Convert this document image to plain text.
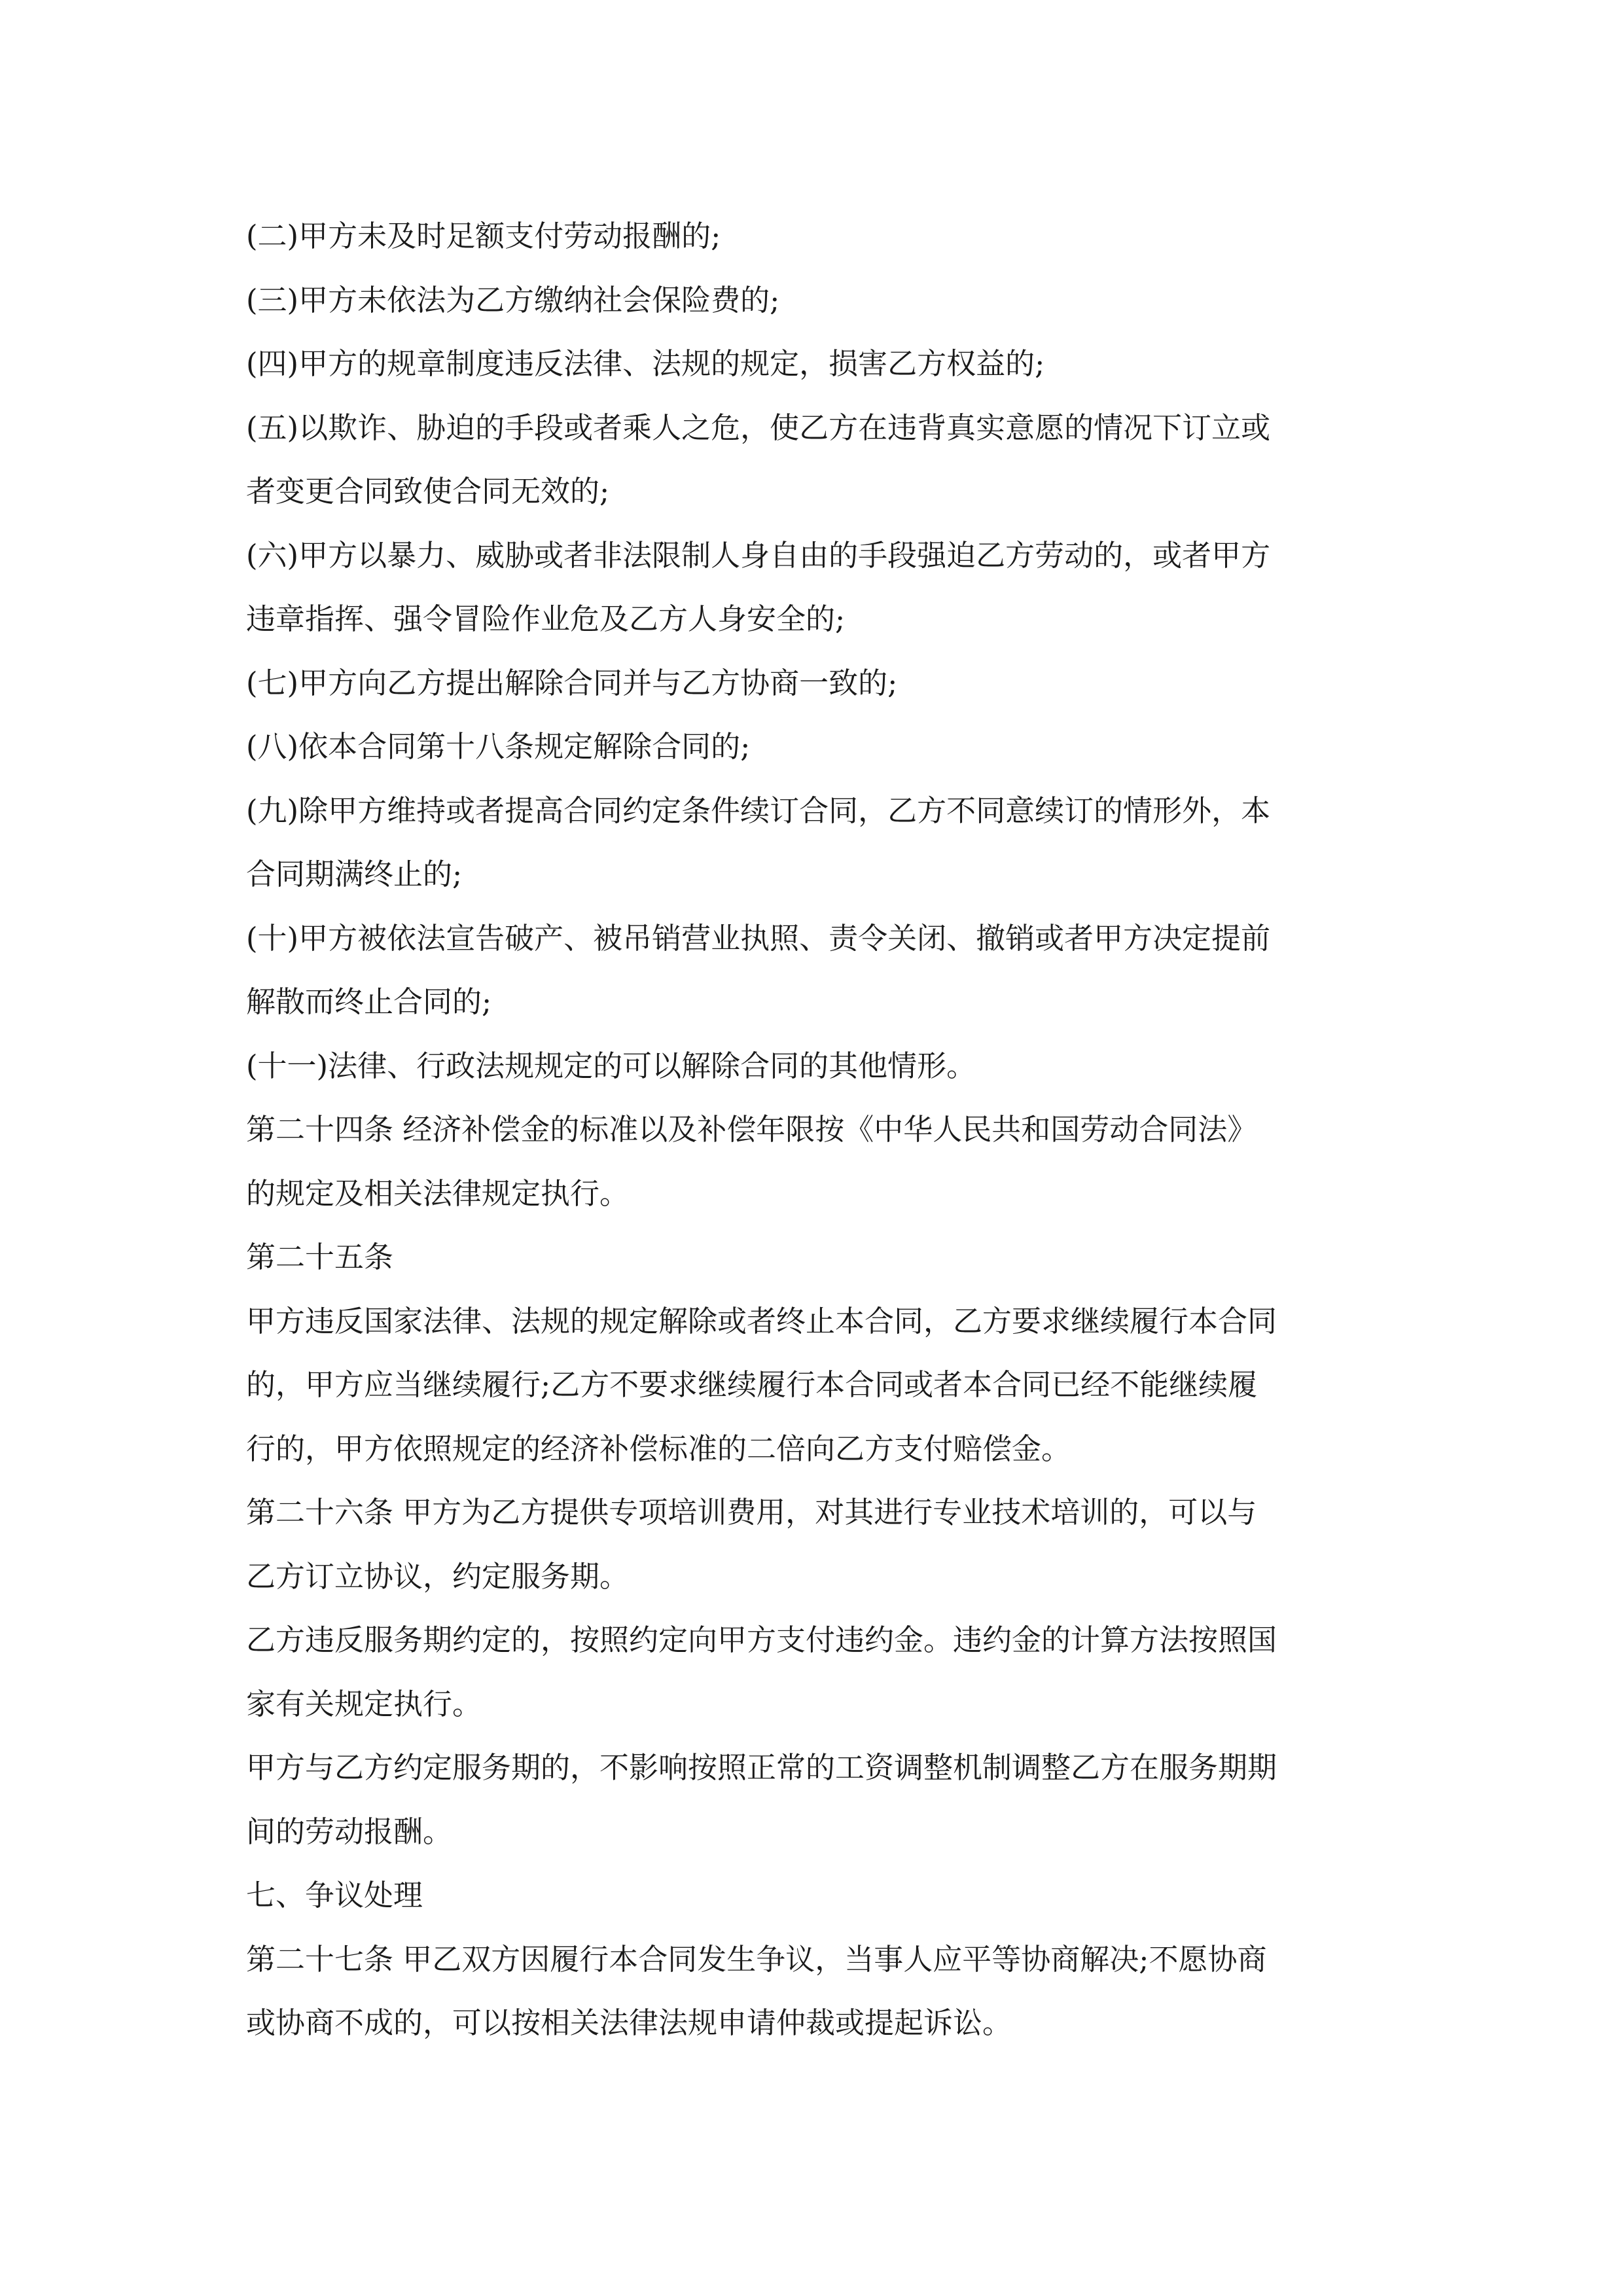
(二)甲方未及时足额支付劳动报酬的;
(三)甲方未依法为乙方缴纳社会保险费的;
(四)甲方的规章制度违反法律、法规的规定，损害乙方权益的;
(五)以欺诈、胁迫的手段或者乘人之危，使乙方在违背真实意愿的情况下订立或
者变更合同致使合同无效的;
(六)甲方以暴力、威胁或者非法限制人身自由的手段强迫乙方劳动的，或者甲方
违章指挥、强令冒险作业危及乙方人身安全的;
(七)甲方向乙方提出解除合同并与乙方协商一致的;
(八)依本合同第十八条规定解除合同的;
(九)除甲方维持或者提高合同约定条件续订合同，乙方不同意续订的情形外，本
合同期满终止的;
(十)甲方被依法宣告破产、被吊销营业执照、责令关闭、撤销或者甲方决定提前
解散而终止合同的;
(十一)法律、行政法规规定的可以解除合同的其他情形。
第二十四条 经济补偿金的标准以及补偿年限按《中华人民共和国劳动合同法》
的规定及相关法律规定执行。
第二十五条
甲方违反国家法律、法规的规定解除或者终止本合同，乙方要求继续履行本合同
的，甲方应当继续履行;乙方不要求继续履行本合同或者本合同已经不能继续履
行的，甲方依照规定的经济补偿标准的二倍向乙方支付赔偿金。
第二十六条 甲方为乙方提供专项培训费用，对其进行专业技术培训的，可以与
乙方订立协议，约定服务期。
乙方违反服务期约定的，按照约定向甲方支付违约金。违约金的计算方法按照国
家有关规定执行。
甲方与乙方约定服务期的，不影响按照正常的工资调整机制调整乙方在服务期期
间的劳动报酬。
七、争议处理
第二十七条 甲乙双方因履行本合同发生争议，当事人应平等协商解决;不愿协商
或协商不成的，可以按相关法律法规申请仲裁或提起诉讼。
